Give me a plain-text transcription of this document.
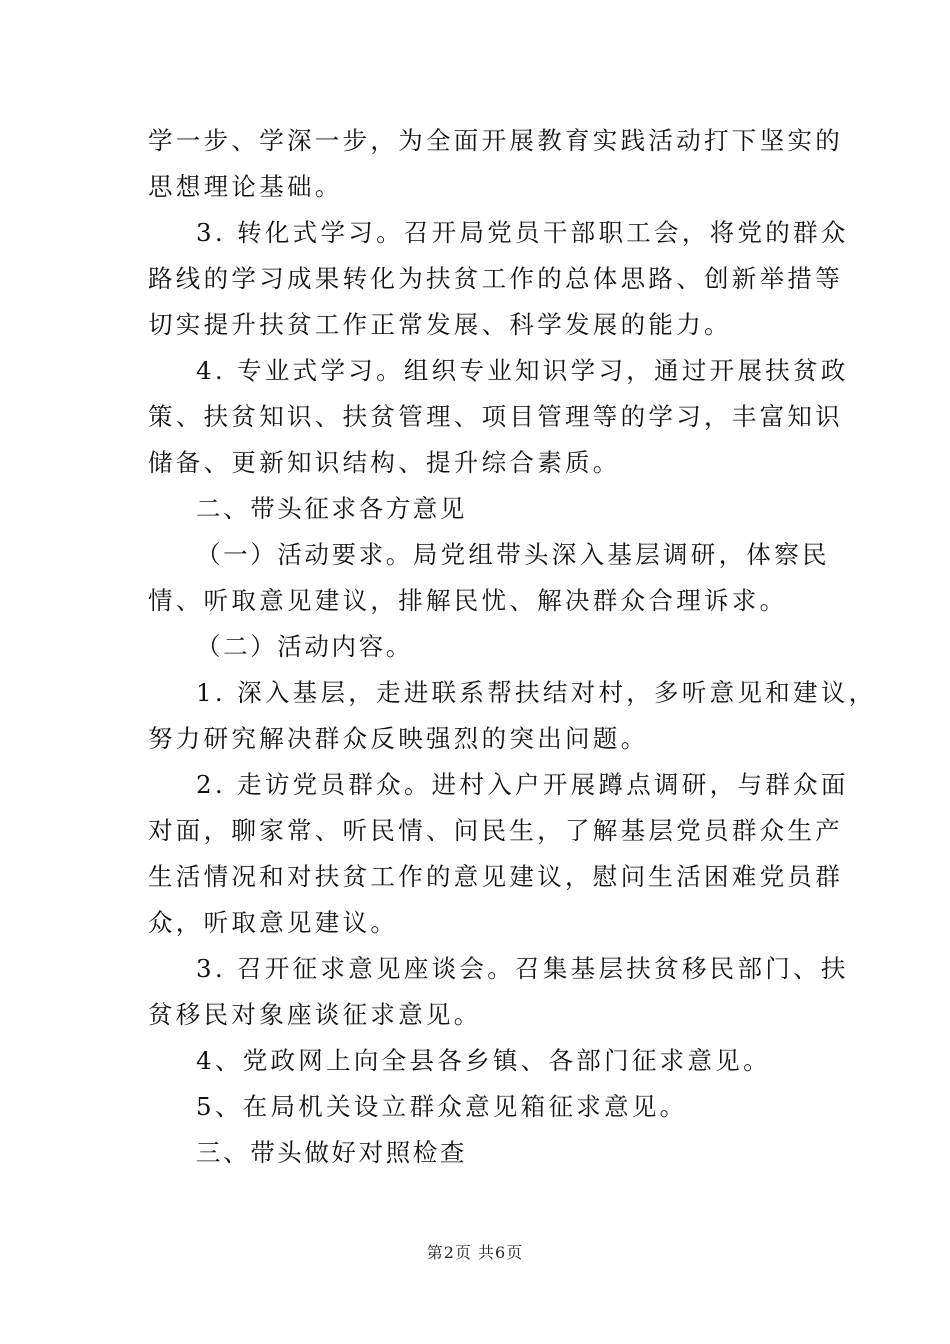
学一步、学深一步，为全面开展教育实践活动打下坚实的
思想理论基础。
3. 转化式学习。召开局党员干部职工会，将党的群众
路线的学习成果转化为扶贫工作的总体思路、创新举措等
切实提升扶贫工作正常发展、科学发展的能力。
4. 专业式学习。组织专业知识学习，通过开展扶贫政
策、扶贫知识、扶贫管理、项目管理等的学习，丰富知识
储备、更新知识结构、提升综合素质。
二、带头征求各方意见
（一）活动要求。局党组带头深入基层调研，体察民
情、听取意见建议，排解民忧、解决群众合理诉求。
（二）活动内容。
1. 深入基层，走进联系帮扶结对村，多听意见和建议，
努力研究解决群众反映强烈的突出问题。
2. 走访党员群众。进村入户开展蹲点调研，与群众面
对面，聊家常、听民情、问民生，了解基层党员群众生产
生活情况和对扶贫工作的意见建议，慰问生活困难党员群
众，听取意见建议。
3. 召开征求意见座谈会。召集基层扶贫移民部门、扶
贫移民对象座谈征求意见。
4、党政网上向全县各乡镇、各部门征求意见。
5、在局机关设立群众意见箱征求意见。
三、带头做好对照检查
第2页 共6页
